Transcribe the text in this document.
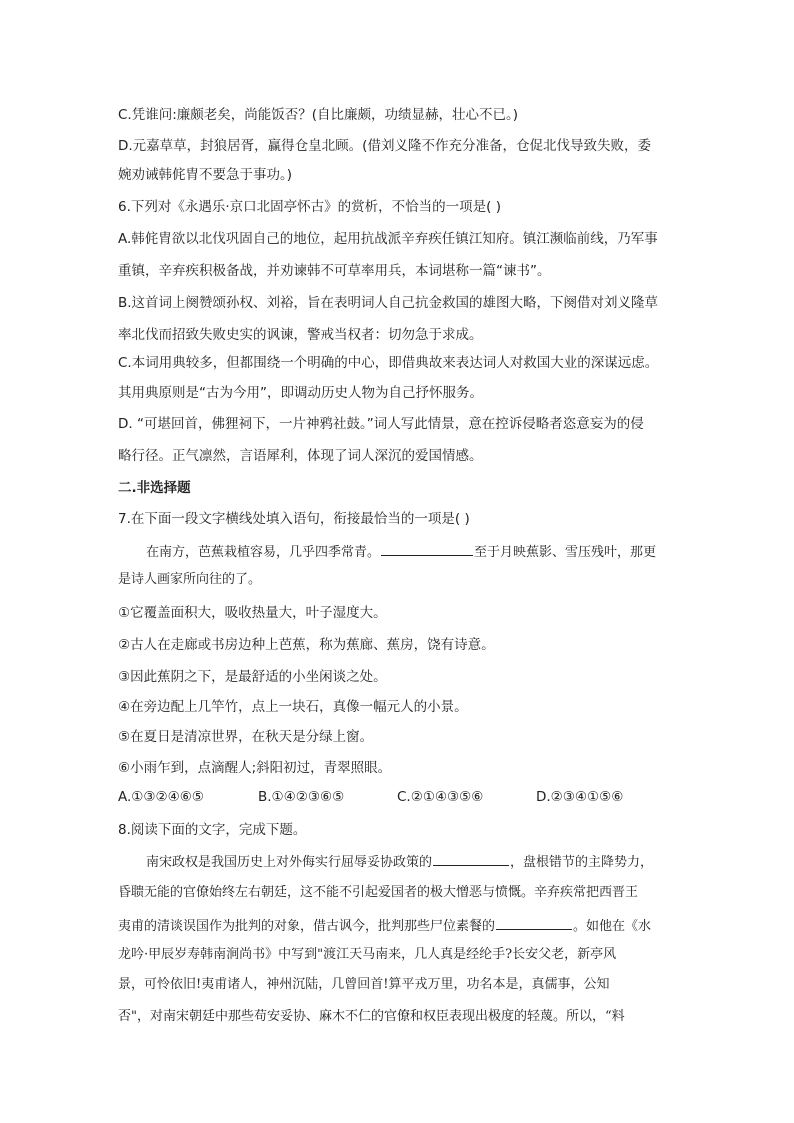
C.凭谁问:廉颇老矣，尚能饭否？(自比廉颇，功绩显赫，壮心不已。)
D.元嘉草草，封狼居胥，赢得仓皇北顾。(借刘义隆不作充分准备，仓促北伐导致失败，委
婉劝诫韩侂胄不要急于事功。)
6.下列对《永遇乐·京口北固亭怀古》的赏析，不恰当的一项是( )
A.韩侂胄欲以北伐巩固自己的地位，起用抗战派辛弃疾任镇江知府。镇江濒临前线，乃军事
重镇，辛弃疾积极备战，并劝谏韩不可草率用兵，本词堪称一篇“谏书”。
B.这首词上阕赞颂孙权、刘裕，旨在表明词人自己抗金救国的雄图大略，下阕借对刘义隆草
率北伐而招致失败史实的讽谏，警戒当权者：切勿急于求成。
C.本词用典较多，但都围绕一个明确的中心，即借典故来表达词人对救国大业的深谋远虑。
其用典原则是“古为今用”，即调动历史人物为自己抒怀服务。
D. “可堪回首，佛狸祠下，一片神鸦社鼓。”词人写此情景，意在控诉侵略者恣意妄为的侵
略行径。正气凛然，言语犀利，体现了词人深沉的爱国情感。
二.非选择题
7.在下面一段文字横线处填入语句，衔接最恰当的一项是( )
在南方，芭蕉栽植容易，几乎四季常青。	至于月映蕉影、雪压残叶，那更
是诗人画家所向往的了。
①它覆盖面积大，吸收热量大，叶子湿度大。
②古人在走廊或书房边种上芭蕉，称为蕉廊、蕉房，饶有诗意。
③因此蕉阴之下，是最舒适的小坐闲谈之处。
④在旁边配上几竿竹，点上一块石，真像一幅元人的小景。
⑤在夏日是清凉世界，在秋天是分绿上窗。
⑥小雨乍到，点滴醒人;斜阳初过，青翠照眼。
A.①③②④⑥⑤	B.①④②③⑥⑤	C.②①④③⑤⑥	D.②③④①⑤⑥
8.阅读下面的文字，完成下题。
南宋政权是我国历史上对外侮实行屈辱妥协政策的	，盘根错节的主降势力，
昏聩无能的官僚始终左右朝廷，这不能不引起爱国者的极大憎恶与愤慨。辛弃疾常把西晋王
夷甫的清谈误国作为批判的对象，借古讽今，批判那些尸位素餐的	。如他在《水
龙吟·甲辰岁寿韩南涧尚书》中写到"渡江天马南来，几人真是经纶手?长安父老，新亭风
景，可怜依旧!夷甫诸人，神州沉陆，几曾回首!算平戎万里，功名本是，真儒事，公知
否"，对南宋朝廷中那些苟安妥协、麻木不仁的官僚和权臣表现出极度的轻蔑。所以，“料
